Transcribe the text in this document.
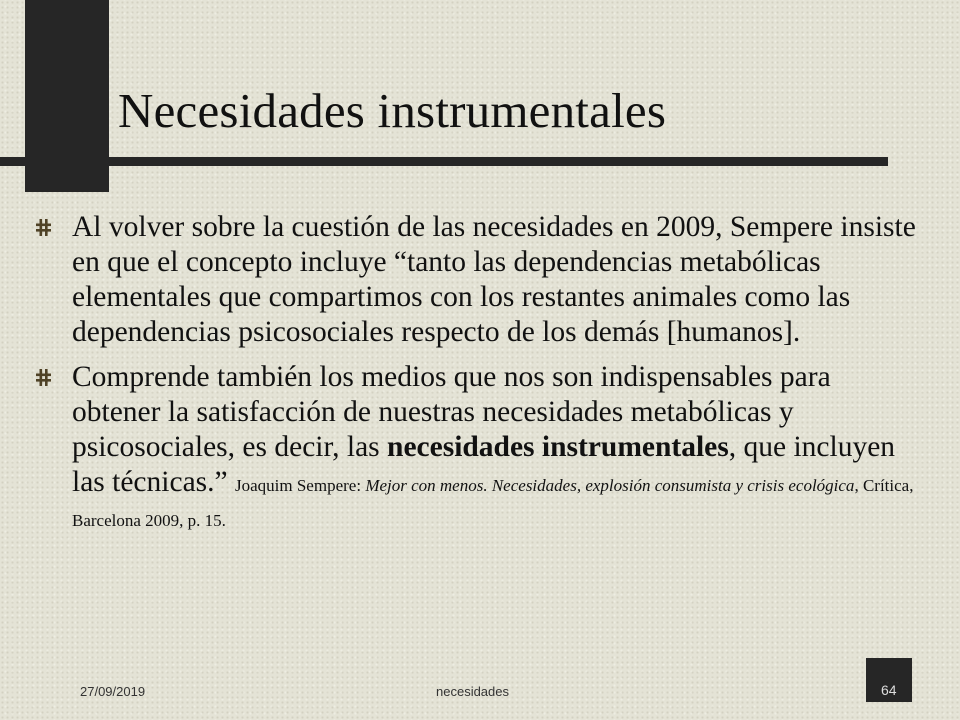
Necesidades instrumentales
Al volver sobre la cuestión de las necesidades en 2009, Sempere insiste en que el concepto incluye “tanto las dependencias metabólicas elementales que compartimos con los restantes animales como las dependencias psicosociales respecto de los demás [humanos].
Comprende también los medios que nos son indispensables para obtener la satisfacción de nuestras necesidades metabólicas y psicosociales, es decir, las necesidades instrumentales, que incluyen las técnicas.” Joaquim Sempere: Mejor con menos. Necesidades, explosión consumista y crisis ecológica, Crítica, Barcelona 2009, p. 15.
27/09/2019	necesidades	64
